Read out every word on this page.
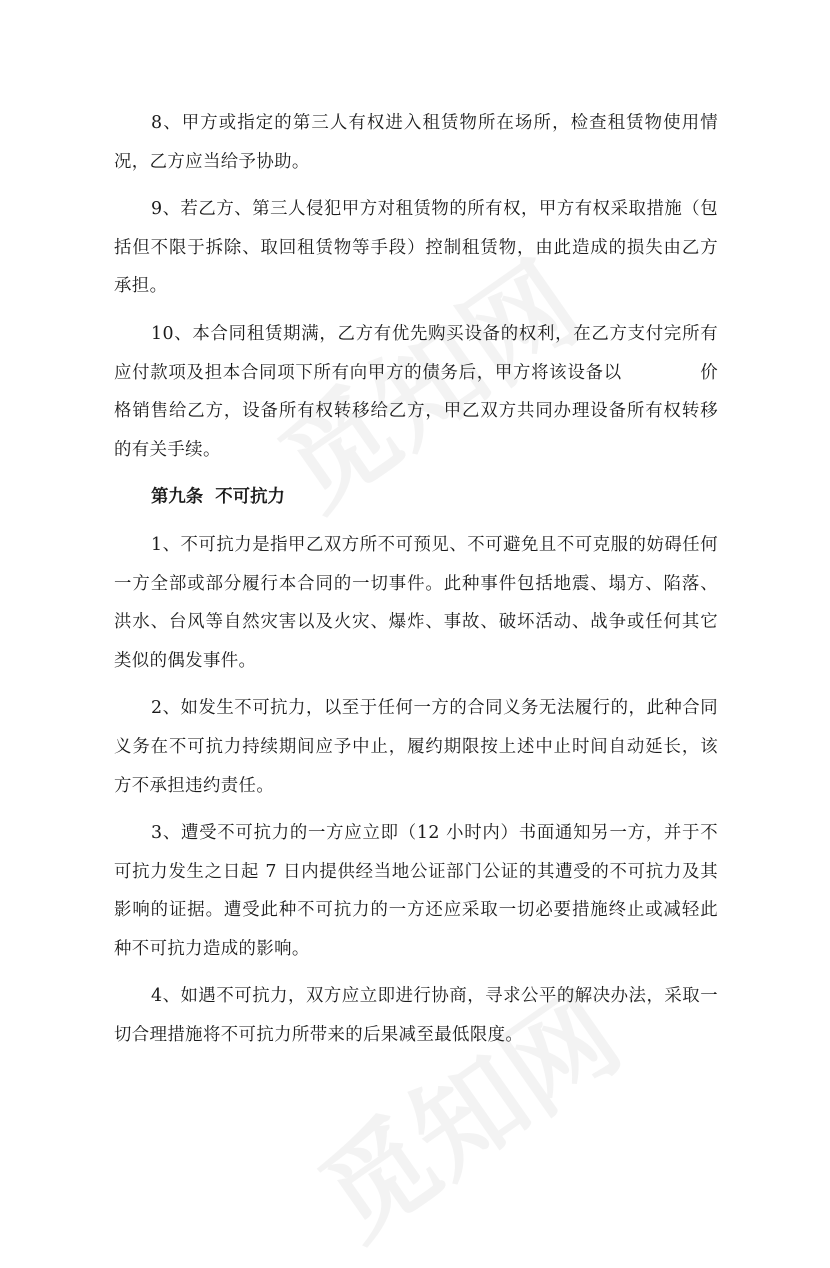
8、甲方或指定的第三人有权进入租赁物所在场所，检查租赁物使用情况，乙方应当给予协助。

9、若乙方、第三人侵犯甲方对租赁物的所有权，甲方有权采取措施（包括但不限于拆除、取回租赁物等手段）控制租赁物，由此造成的损失由乙方承担。

10、本合同租赁期满，乙方有优先购买设备的权利，在乙方支付完所有应付款项及担本合同项下所有向甲方的债务后，甲方将该设备以	价格销售给乙方，设备所有权转移给乙方，甲乙双方共同办理设备所有权转移的有关手续。

第九条  不可抗力

1、不可抗力是指甲乙双方所不可预见、不可避免且不可克服的妨碍任何一方全部或部分履行本合同的一切事件。此种事件包括地震、塌方、陷落、洪水、台风等自然灾害以及火灾、爆炸、事故、破坏活动、战争或任何其它类似的偶发事件。

2、如发生不可抗力，以至于任何一方的合同义务无法履行的，此种合同义务在不可抗力持续期间应予中止，履约期限按上述中止时间自动延长，该方不承担违约责任。

3、遭受不可抗力的一方应立即（12 小时内）书面通知另一方，并于不可抗力发生之日起 7 日内提供经当地公证部门公证的其遭受的不可抗力及其影响的证据。遭受此种不可抗力的一方还应采取一切必要措施终止或减轻此种不可抗力造成的影响。

4、如遇不可抗力，双方应立即进行协商，寻求公平的解决办法，采取一切合理措施将不可抗力所带来的后果减至最低限度。
